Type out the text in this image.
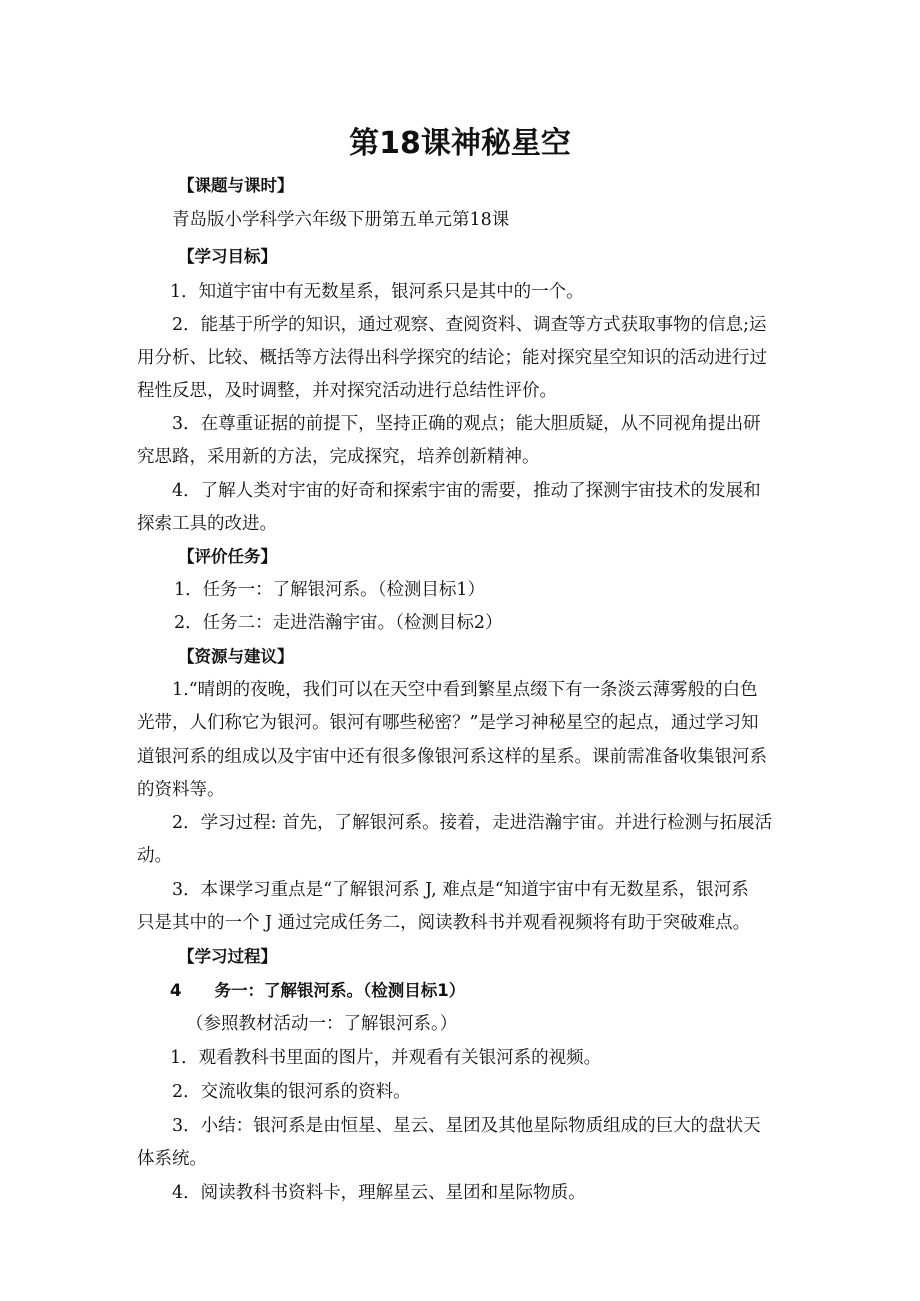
第18课神秘星空
【课题与课时】
青岛版小学科学六年级下册第五单元第18课
【学习目标】
1．知道宇宙中有无数星系，银河系只是其中的一个。
2．能基于所学的知识，通过观察、查阅资料、调查等方式获取事物的信息;运
用分析、比较、概括等方法得出科学探究的结论；能对探究星空知识的活动进行过
程性反思，及时调整，并对探究活动进行总结性评价。
3．在尊重证据的前提下，坚持正确的观点；能大胆质疑，从不同视角提出研
究思路，采用新的方法，完成探究，培养创新精神。
4．了解人类对宇宙的好奇和探索宇宙的需要，推动了探测宇宙技术的发展和
探索工具的改进。
【评价任务】
1．任务一：了解银河系。（检测目标1）
2．任务二：走进浩瀚宇宙。（检测目标2）
【资源与建议】
1.“晴朗的夜晚，我们可以在天空中看到繁星点缀下有一条淡云薄雾般的白色
光带，人们称它为银河。银河有哪些秘密？”是学习神秘星空的起点，通过学习知
道银河系的组成以及宇宙中还有很多像银河系这样的星系。课前需准备收集银河系
的资料等。
2．学习过程: 首先，了解银河系。接着，走进浩瀚宇宙。并进行检测与拓展活
动。
3．本课学习重点是“了解银河系 J, 难点是“知道宇宙中有无数星系，银河系
只是其中的一个 J 通过完成任务二，阅读教科书并观看视频将有助于突破难点。
【学习过程】
4　　务一：了解银河系。（检测目标1）
（参照教材活动一：了解银河系。）
1．观看教科书里面的图片，并观看有关银河系的视频。
2．交流收集的银河系的资料。
3．小结：银河系是由恒星、星云、星团及其他星际物质组成的巨大的盘状天
体系统。
4．阅读教科书资料卡，理解星云、星团和星际物质。
